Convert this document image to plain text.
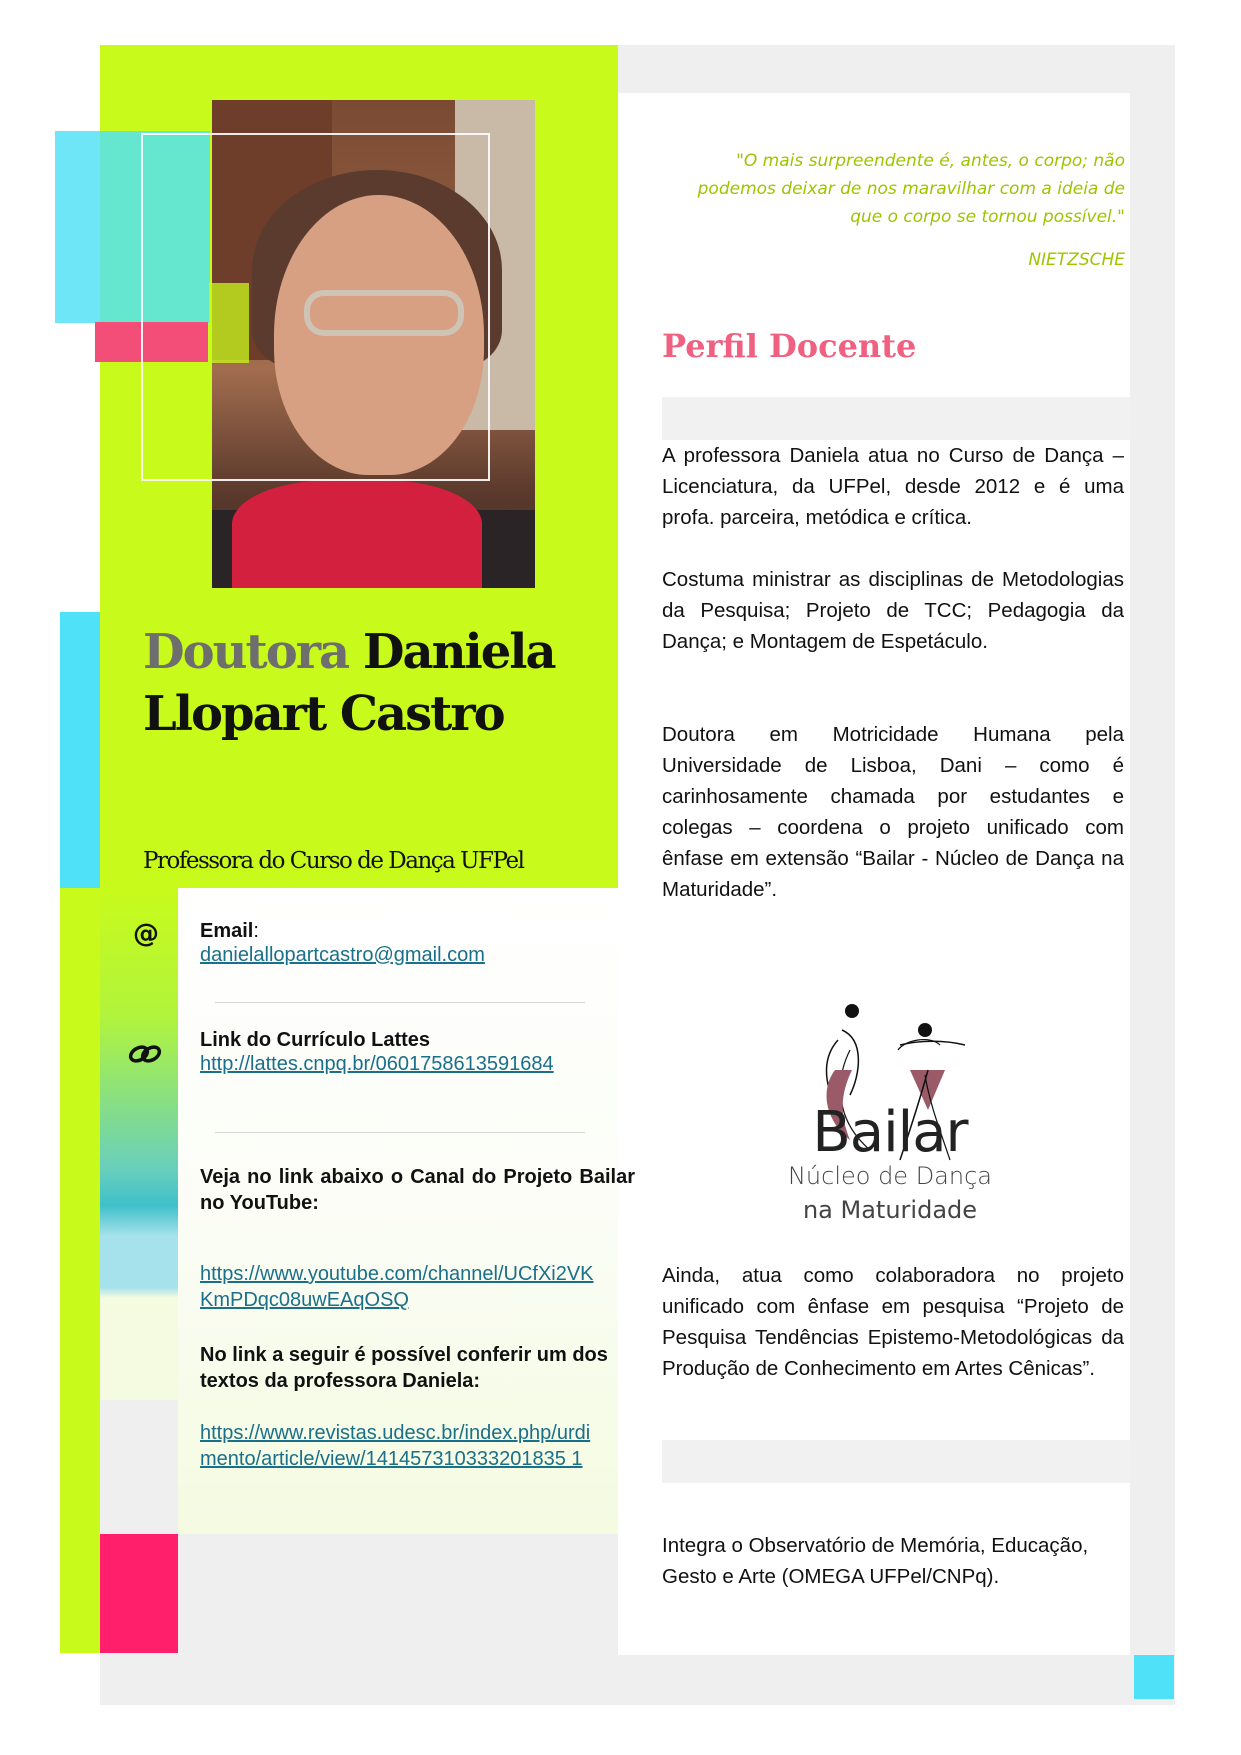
Doutora Daniela
Llopart Castro
Professora do Curso de Dança UFPel
@ Email:
danielallopartcastro@gmail.com
Link do Currículo Lattes
http://lattes.cnpq.br/0601758613591684
Veja no link abaixo o Canal do Projeto Bailar no YouTube:
https://www.youtube.com/channel/UCfXi2VKKmPDqc08uwEAqOSQ
No link a seguir é possível conferir um dos textos da professora Daniela:
https://www.revistas.udesc.br/index.php/urdimento/article/view/141457310333201835 1
"O mais surpreendente é, antes, o corpo; não podemos deixar de nos maravilhar com a ideia de que o corpo se tornou possível."
NIETZSCHE
Perfil Docente
A professora Daniela atua no Curso de Dança – Licenciatura, da UFPel, desde 2012 e é uma profa. parceira, metódica e crítica.
Costuma ministrar as disciplinas de Metodologias da Pesquisa; Projeto de TCC; Pedagogia da Dança; e Montagem de Espetáculo.
Doutora em Motricidade Humana pela Universidade de Lisboa, Dani – como é carinhosamente chamada por estudantes e colegas – coordena o projeto unificado com ênfase em extensão “Bailar - Núcleo de Dança na Maturidade”.
Bailar
Núcleo de Dança
na Maturidade
Ainda, atua como colaboradora no projeto unificado com ênfase em pesquisa “Projeto de Pesquisa Tendências Epistemo-Metodológicas da Produção de Conhecimento em Artes Cênicas”.
Integra o Observatório de Memória, Educação, Gesto e Arte (OMEGA UFPel/CNPq).
